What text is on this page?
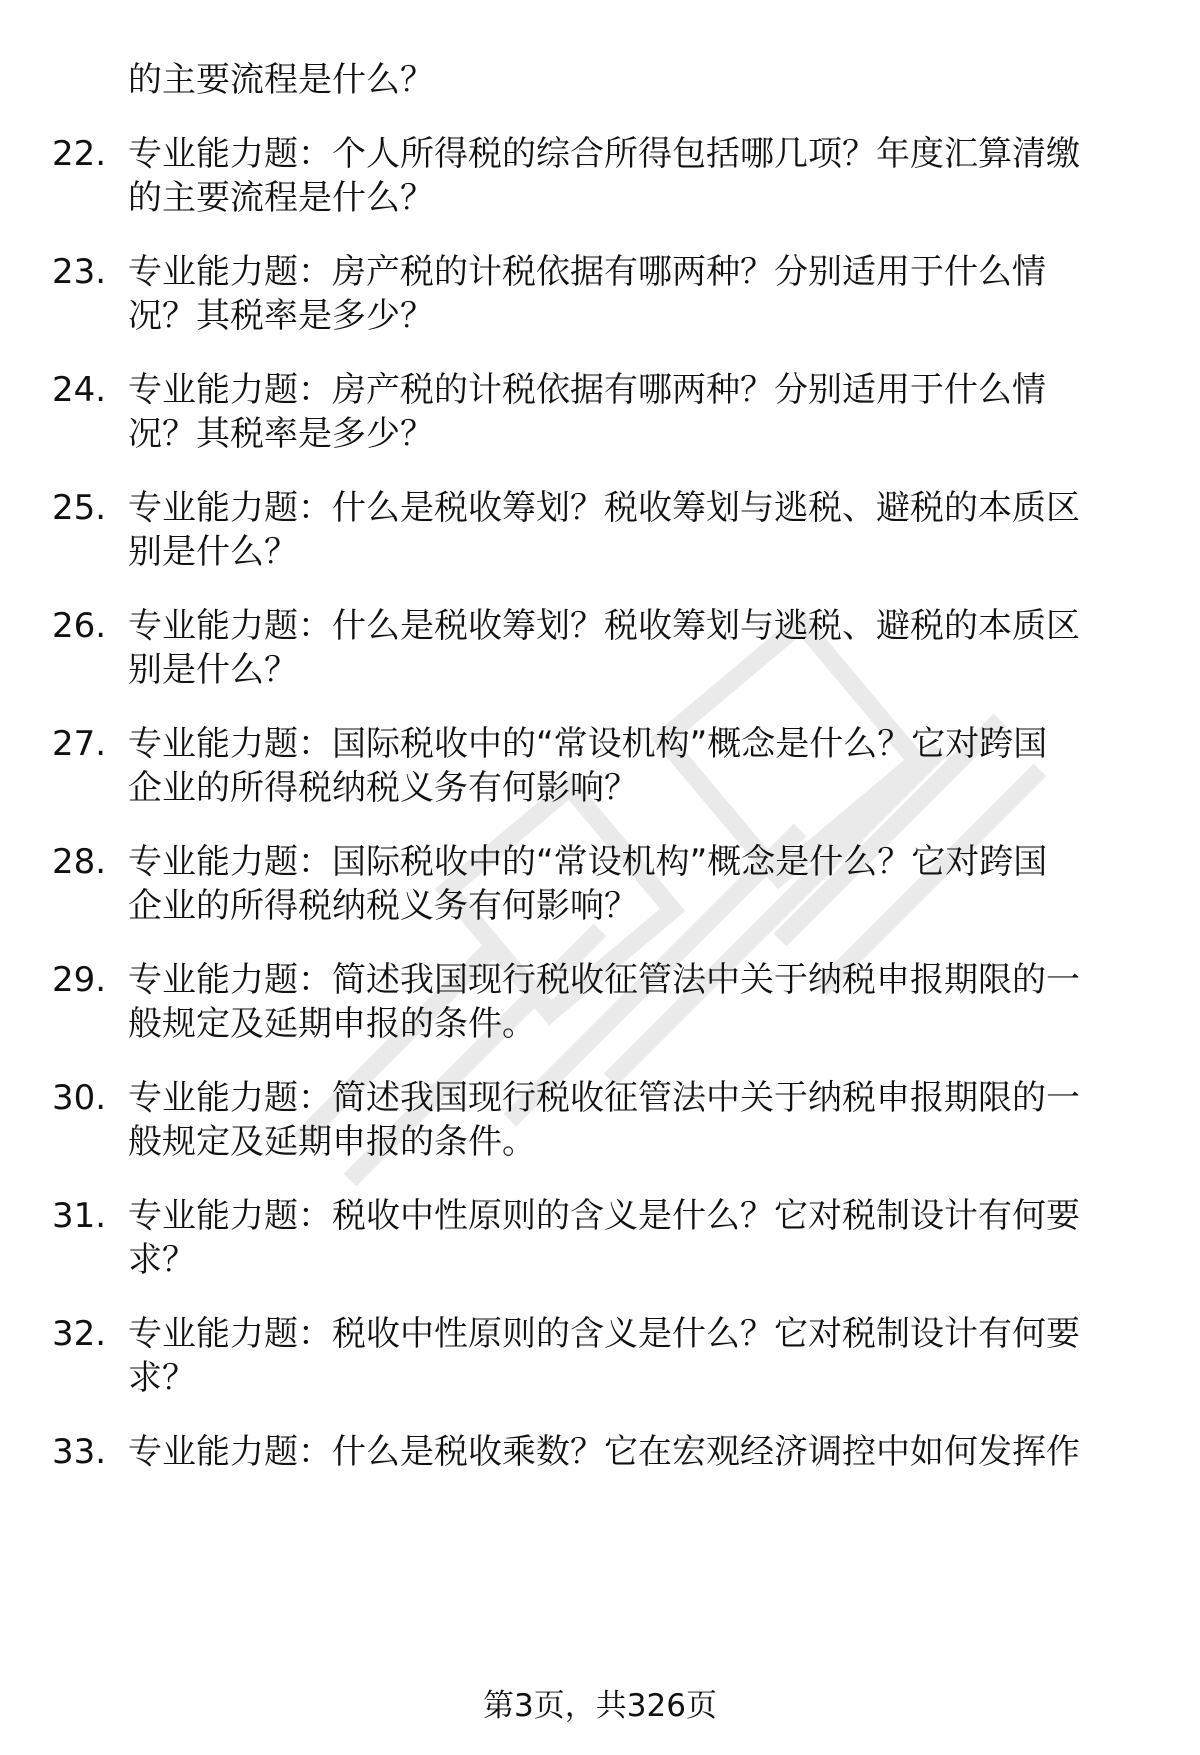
的主要流程是什么？
22. 专业能力题：个人所得税的综合所得包括哪几项？年度汇算清缴
的主要流程是什么？
23. 专业能力题：房产税的计税依据有哪两种？分别适用于什么情
况？其税率是多少？
24. 专业能力题：房产税的计税依据有哪两种？分别适用于什么情
况？其税率是多少？
25. 专业能力题：什么是税收筹划？税收筹划与逃税、避税的本质区
别是什么？
26. 专业能力题：什么是税收筹划？税收筹划与逃税、避税的本质区
别是什么？
27. 专业能力题：国际税收中的“常设机构”概念是什么？它对跨国
企业的所得税纳税义务有何影响？
28. 专业能力题：国际税收中的“常设机构”概念是什么？它对跨国
企业的所得税纳税义务有何影响？
29. 专业能力题：简述我国现行税收征管法中关于纳税申报期限的一
般规定及延期申报的条件。
30. 专业能力题：简述我国现行税收征管法中关于纳税申报期限的一
般规定及延期申报的条件。
31. 专业能力题：税收中性原则的含义是什么？它对税制设计有何要
求？
32. 专业能力题：税收中性原则的含义是什么？它对税制设计有何要
求？
33. 专业能力题：什么是税收乘数？它在宏观经济调控中如何发挥作
第3页，共326页
